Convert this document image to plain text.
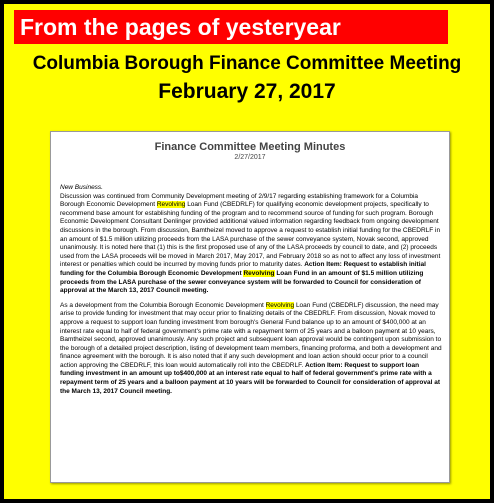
From the pages of yesteryear
Columbia Borough Finance Committee Meeting
February 27, 2017
Finance Committee Meeting Minutes
2/27/2017
New Business.
Discussion was continued from Community Development meeting of 2/9/17 regarding establishing framework for a Columbia Borough Economic Development Revolving Loan Fund (CBEDRLF) for qualifying economic development projects, specifically to recommend base amount for establishing funding of the program and to recommend source of funding for such program. Borough Economic Development Consultant Denlinger provided additional valued information regarding feedback from ongoing development discussions in the borough. From discussion, Bamtheizel moved to approve a request to establish initial funding for the CBEDRLF in an amount of $1.5 million utilizing proceeds from the LASA purchase of the sewer conveyance system, Novak second, approved unanimously. It is noted here that (1) this is the first proposed use of any of the LASA proceeds by council to date, and (2) proceeds used from the LASA proceeds will be moved in March 2017, May 2017, and February 2018 so as not to affect any loss of investment interest or penalties which could be incurred by moving funds prior to maturity dates. Action Item: Request to establish initial funding for the Columbia Borough Economic Development Revolving Loan Fund in an amount of $1.5 million utilizing proceeds from the LASA purchase of the sewer conveyance system will be forwarded to Council for consideration of approval at the March 13, 2017 Council meeting.
As a development from the Columbia Borough Economic Development Revolving Loan Fund (CBEDRLF) discussion, the need may arise to provide funding for investment that may occur prior to finalizing details of the CBEDRLF. From discussion, Novak moved to approve a request to support loan funding investment from borough's General Fund balance up to an amount of $400,000 at an interest rate equal to half of federal government's prime rate with a repayment term of 25 years and a balloon payment at 10 years, Bamtheizel second, approved unanimously. Any such project and subsequent loan approval would be contingent upon submission to the borough of a detailed project description, listing of development team members, financing proforma, and both a development and finance agreement with the borough. It is also noted that if any such development and loan action should occur prior to a council action approving the CBEDRLF, this loan would automatically roll into the CBEDRLF. Action Item: Request to support loan funding investment in an amount up to$400,000 at an interest rate equal to half of federal government's prime rate with a repayment term of 25 years and a balloon payment at 10 years will be forwarded to Council for consideration of approval at the March 13, 2017 Council meeting.
